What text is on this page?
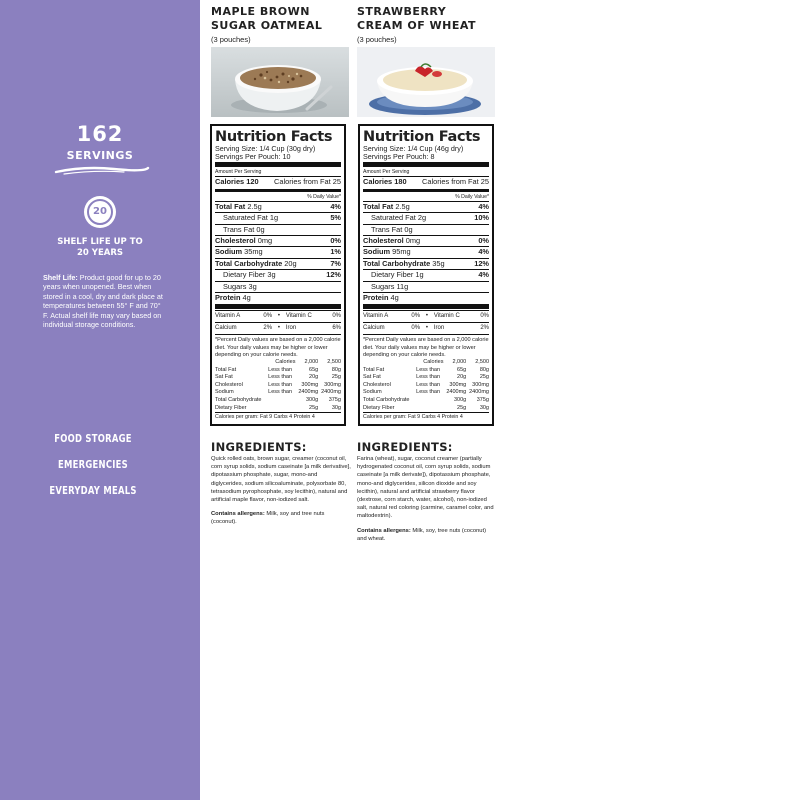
162
SERVINGS
20
SHELF LIFE UP TO
20 YEARS
Shelf Life: Product good for up to 20 years when unopened. Best when stored in a cool, dry and dark place at temperatures between 55° F and 70° F. Actual shelf life may vary based on individual storage conditions.
FOOD STORAGE
EMERGENCIES
EVERYDAY MEALS
MAPLE BROWN
SUGAR OATMEAL
(3 pouches)
STRAWBERRY
CREAM OF WHEAT
(3 pouches)
Nutrition Facts
Serving Size: 1/4 Cup (30g dry)
Servings Per Pouch: 10
Amount Per Serving
Calories 120 Calories from Fat 25
% Daily Value*
Total Fat 2.5g	4%
Saturated Fat 1g	5%
Trans Fat 0g
Cholesterol 0mg	0%
Sodium 35mg	1%
Total Carbohydrate 20g	7%
Dietary Fiber 3g	12%
Sugars 3g
Protein 4g
Vitamin A	0% • Vitamin C	0%
Calcium	2% • Iron	6%
*Percent Daily values are based on a 2,000 calorie diet. Your daily values may be higher or lower depending on your calorie needs.
	Calories	2,000	2,500
Total Fat	Less than	65g	80g
Sat Fat	Less than	20g	25g
Cholesterol	Less than	300mg	300mg
Sodium	Less than	2400mg	2400mg
Total Carbohydrate		300g	375g
Dietary Fiber		25g	30g
Calories per gram: Fat 9 Carbs 4 Protein 4
Nutrition Facts
Serving Size: 1/4 Cup (46g dry)
Servings Per Pouch: 8
Amount Per Serving
Calories 180 Calories from Fat 25
% Daily Value*
Total Fat 2.5g	4%
Saturated Fat 2g	10%
Trans Fat 0g
Cholesterol 0mg	0%
Sodium 95mg	4%
Total Carbohydrate 35g	12%
Dietary Fiber 1g	4%
Sugars 11g
Protein 4g
Vitamin A	0% • Vitamin C	0%
Calcium	0% • Iron	2%
*Percent Daily values are based on a 2,000 calorie diet. Your daily values may be higher or lower depending on your calorie needs.
	Calories	2,000	2,500
Total Fat	Less than	65g	80g
Sat Fat	Less than	20g	25g
Cholesterol	Less than	300mg	300mg
Sodium	Less than	2400mg	2400mg
Total Carbohydrate		300g	375g
Dietary Fiber		25g	30g
Calories per gram: Fat 9 Carbs 4 Protein 4
INGREDIENTS:
Quick rolled oats, brown sugar, creamer (coconut oil, corn syrup solids, sodium caseinate [a milk derivative], dipotassium phosphate, sugar, mono-and diglycerides, sodium silicoaluminate, polysorbate 80, tetrasodium pyrophosphate, soy lecithin), natural and artificial maple flavor, non-iodized salt.
Contains allergens: Milk, soy and tree nuts (coconut).
INGREDIENTS:
Farina (wheat), sugar, coconut creamer (partially hydrogenated coconut oil, corn syrup solids, sodium caseinate [a milk derivate]), dipotassium phosphate, mono-and diglycerides, silicon dioxide and soy lecithin), natural and artificial strawberry flavor (dextrose, corn starch, water, alcohol), non-iodized salt, natural red coloring (carmine, caramel color, and maltodextrin).
Contains allergens: Milk, soy, tree nuts (coconut) and wheat.
